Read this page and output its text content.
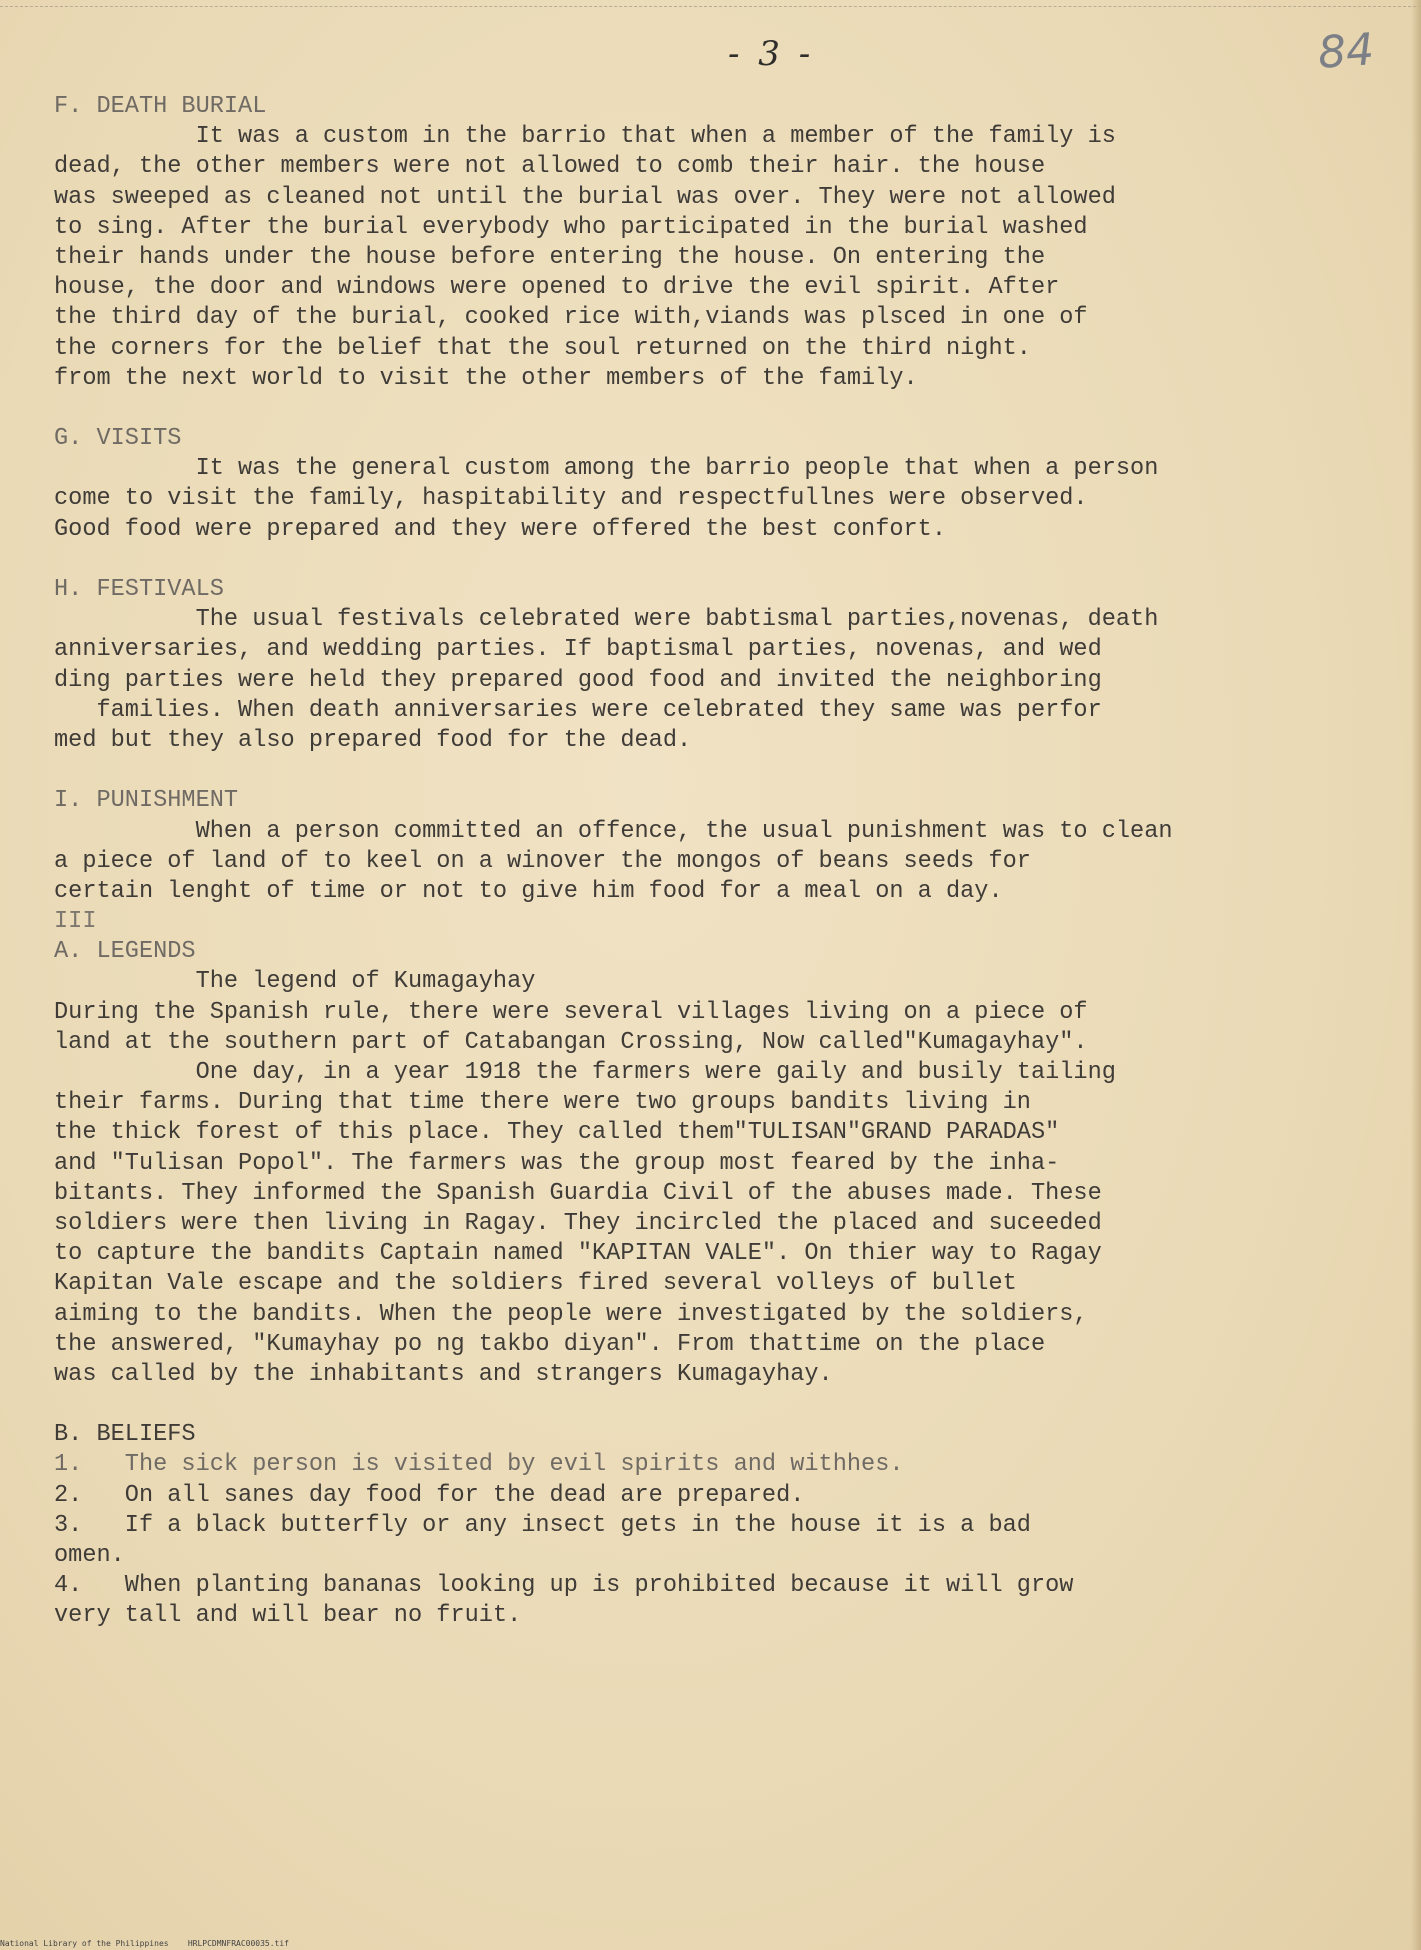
- 3 -	84
F. DEATH BURIAL
It was a custom in the barrio that when a member of the family is
dead, the other members were not allowed to comb their hair. the house
was sweeped as cleaned not until the burial was over. They were not allowed
to sing. After the burial everybody who participated in the burial washed
their hands under the house before entering the house. On entering the
house, the door and windows were opened to drive the evil spirit. After
the third day of the burial, cooked rice with,viands was plsced in one of
the corners for the belief that the soul returned on the third night.
from the next world to visit the other members of the family.
G. VISITS
It was the general custom among the barrio people that when a person
come to visit the family, haspitability and respectfullnes were observed.
Good food were prepared and they were offered the best confort.
H. FESTIVALS
The usual festivals celebrated were babtismal parties,novenas, death
anniversaries, and wedding parties. If baptismal parties, novenas, and wed
ding parties were held they prepared good food and invited the neighboring
families. When death anniversaries were celebrated they same was perfor
med but they also prepared food for the dead.
I. PUNISHMENT
When a person committed an offence, the usual punishment was to clean
a piece of land of to keel on a winover the mongos of beans seeds for
certain lenght of time or not to give him food for a meal on a day.
III
A. LEGENDS
The legend of Kumagayhay
During the Spanish rule, there were several villages living on a piece of
land at the southern part of Catabangan Crossing, Now called"Kumagayhay".
One day, in a year 1918 the farmers were gaily and busily tailing
their farms. During that time there were two groups bandits living in
the thick forest of this place. They called them"TULISAN"GRAND PARADAS"
and "Tulisan Popol". The farmers was the group most feared by the inha-
bitants. They informed the Spanish Guardia Civil of the abuses made. These
soldiers were then living in Ragay. They incircled the placed and suceeded
to capture the bandits Captain named "KAPITAN VALE". On thier way to Ragay
Kapitan Vale escape and the soldiers fired several volleys of bullet
aiming to the bandits. When the people were investigated by the soldiers,
the answered, "Kumayhay po ng takbo diyan". From thattime on the place
was called by the inhabitants and strangers Kumagayhay.
B. BELIEFS
1.   The sick person is visited by evil spirits and withhes.
2.   On all sanes day food for the dead are prepared.
3.   If a black butterfly or any insect gets in the house it is a bad
omen.
4.   When planting bananas looking up is prohibited because it will grow
very tall and will bear no fruit.
National Library of the Philippines    HRLPCDMNFRAC00035.tif
